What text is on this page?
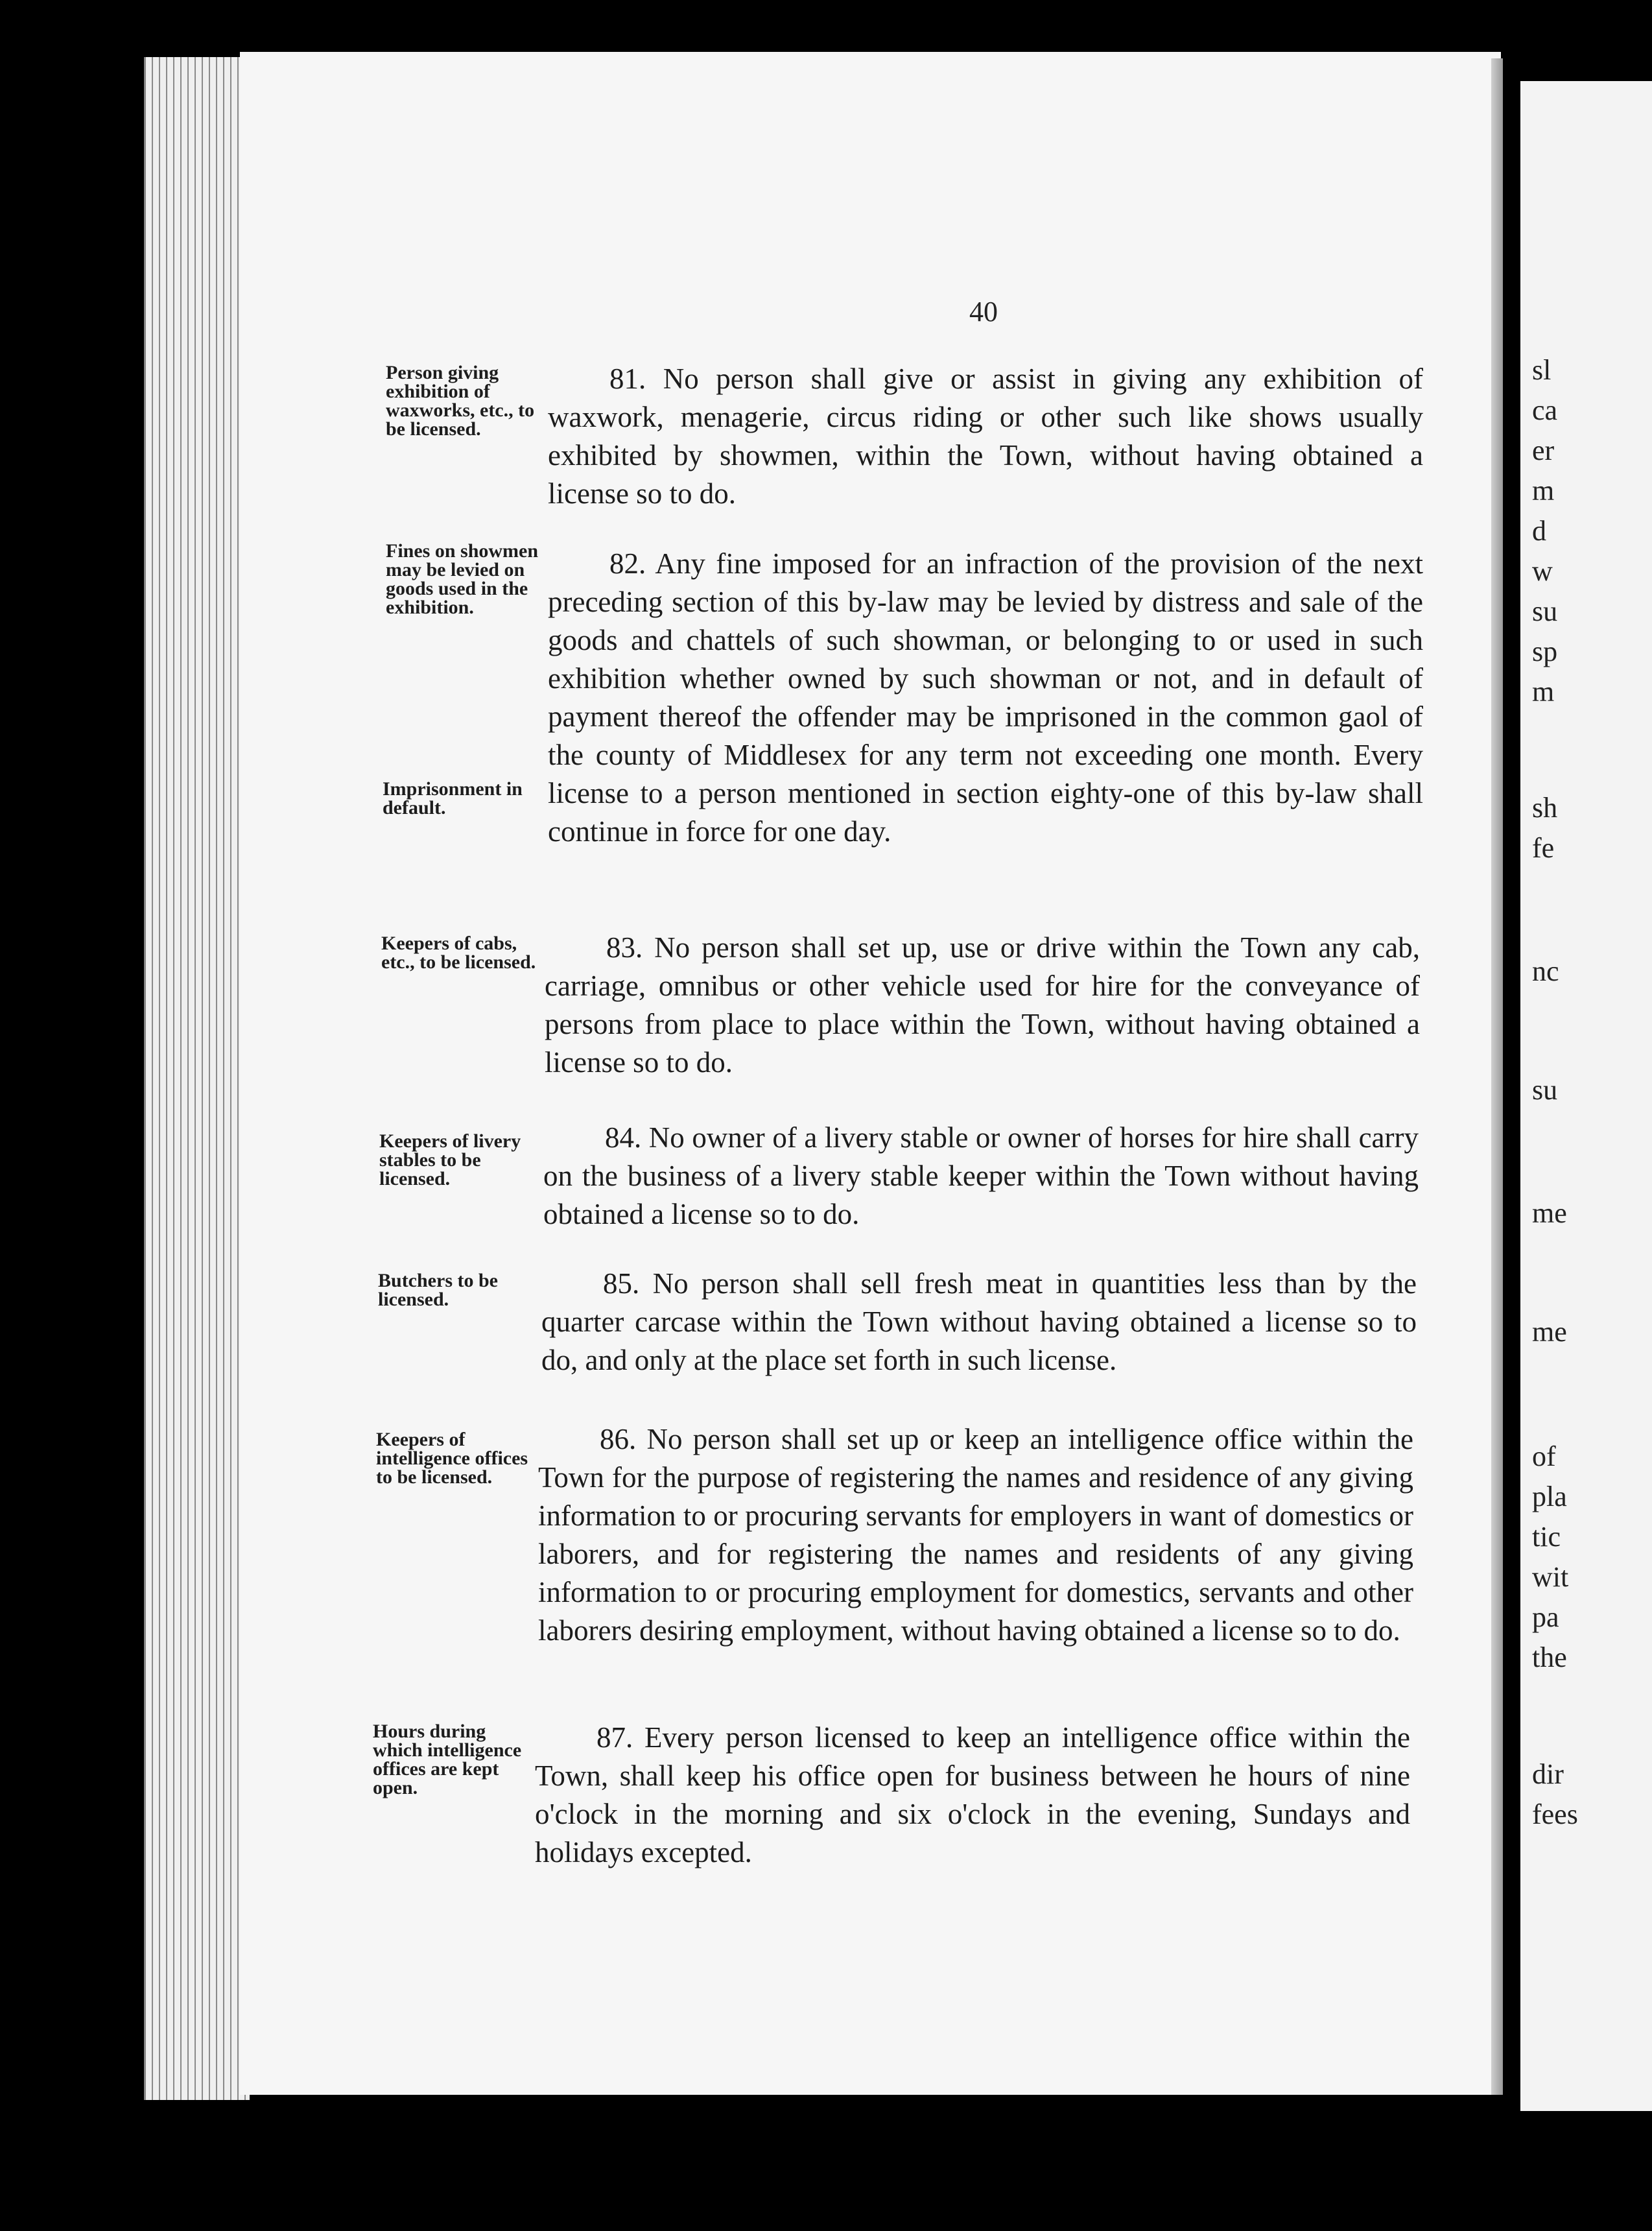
sl
ca
er
m
d
w
su
sp
m
sh
fe
nc
su
me
me
of
pla
tic
wit
pa
the
dir
fees
40
Person giving exhibition of waxworks, etc., to be licensed.
81. No person shall give or assist in giving any exhibition of waxwork, menagerie, circus riding or other such like shows usually exhibited by showmen, within the Town, without having obtained a license so to do.
Fines on showmen may be levied on goods used in the exhibition.
Imprisonment in default.
82. Any fine imposed for an infraction of the provision of the next preceding section of this by-law may be levied by distress and sale of the goods and chattels of such showman, or belonging to or used in such exhibition whether owned by such showman or not, and in default of payment thereof the offender may be imprisoned in the common gaol of the county of Middlesex for any term not exceeding one month. Every license to a person mentioned in section eighty-one of this by-law shall continue in force for one day.
Keepers of cabs, etc., to be licensed.	83. No person shall set up, use or drive within the Town any cab, carriage, omnibus or other vehicle used for hire for the conveyance of persons from place to place within the Town, without having obtained a license so to do.
Keepers of livery stables to be licensed.
84. No owner of a livery stable or owner of horses for hire shall carry on the business of a livery stable keeper within the Town without having obtained a license so to do.
Butchers to be licensed.	85. No person shall sell fresh meat in quantities less than by the quarter carcase within the Town without having obtained a license so to do, and only at the place set forth in such license.
Keepers of intelligence offices to be licensed.
86. No person shall set up or keep an intelligence office within the Town for the purpose of registering the names and residence of any giving information to or procuring servants for employers in want of domestics or laborers, and for registering the names and residents of any giving information to or procuring employment for domestics, servants and other laborers desiring employment, without having obtained a license so to do.
Hours during which intelligence offices are kept open.
87. Every person licensed to keep an intelligence office within the Town, shall keep his office open for business between he hours of nine o'clock in the morning and six o'clock in the evening, Sundays and holidays excepted.
